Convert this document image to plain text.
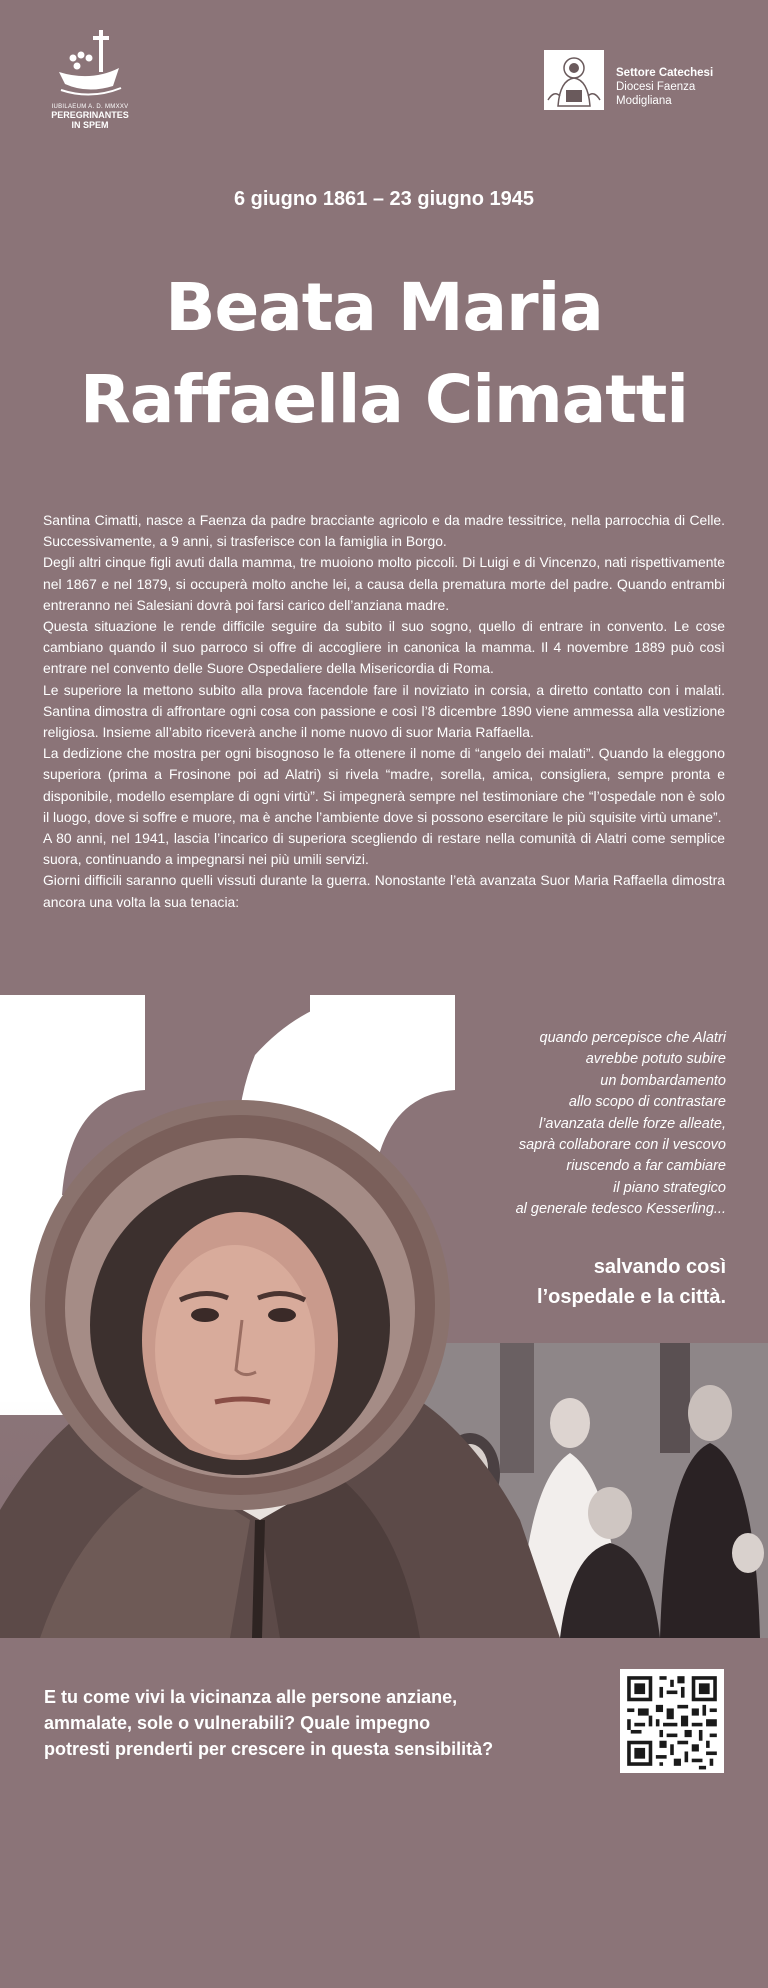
IUBILAEUM A. D. MMXXV
PEREGRINANTES
IN SPEM
Settore Catechesi
Diocesi Faenza
Modigliana
6 giugno 1861 – 23 giugno 1945
Beata Maria
Raffaella Cimatti

Santina Cimatti, nasce a Faenza da padre bracciante agricolo e da madre tessitrice, nella parrocchia di Celle. Successivamente, a 9 anni, si trasferisce con la famiglia in Borgo.

Degli altri cinque figli avuti dalla mamma, tre muoiono molto piccoli. Di Luigi e di Vincenzo, nati rispettivamente nel 1867 e nel 1879, si occuperà molto anche lei, a causa della prematura morte del padre. Quando entrambi entreranno nei Salesiani dovrà poi farsi carico dell’anziana madre.

Questa situazione le rende difficile seguire da subito il suo sogno, quello di entrare in convento. Le cose cambiano quando il suo parroco si offre di accogliere in canonica la mamma. Il 4 novembre 1889 può così entrare nel convento delle Suore Ospedaliere della Misericordia di Roma.

Le superiore la mettono subito alla prova facendole fare il noviziato in corsia, a diretto contatto con i malati. Santina dimostra di affrontare ogni cosa con passione e così l’8 dicembre 1890 viene ammessa alla vestizione religiosa. Insieme all’abito riceverà anche il nome nuovo di suor Maria Raffaella.

La dedizione che mostra per ogni bisognoso le fa ottenere il nome di “angelo dei malati”. Quando la eleggono superiora (prima a Frosinone poi ad Alatri) si rivela “madre, sorella, amica, consigliera, sempre pronta e disponibile, modello esemplare di ogni virtù”. Si impegnerà sempre nel testimoniare che “l’ospedale non è solo il luogo, dove si soffre e muore, ma è anche l’ambiente dove si possono esercitare le più squisite virtù umane”.

A 80 anni, nel 1941, lascia l’incarico di superiora scegliendo di restare nella comunità di Alatri come semplice suora, continuando a impegnarsi nei più umili servizi.

Giorni difficili saranno quelli vissuti durante la guerra. Nonostante l’età avanzata Suor Maria Raffaella dimostra ancora una volta la sua tenacia:

quando percepisce che Alatri
avrebbe potuto subire
un bombardamento
allo scopo di contrastare
l’avanzata delle forze alleate,
saprà collaborare con il vescovo
riuscendo a far cambiare
il piano strategico
al generale tedesco Kesserling...
salvando così
l’ospedale e la città.
E tu come vivi la vicinanza alle persone anziane,
ammalate, sole o vulnerabili? Quale impegno
potresti prenderti per crescere in questa sensibilità?
